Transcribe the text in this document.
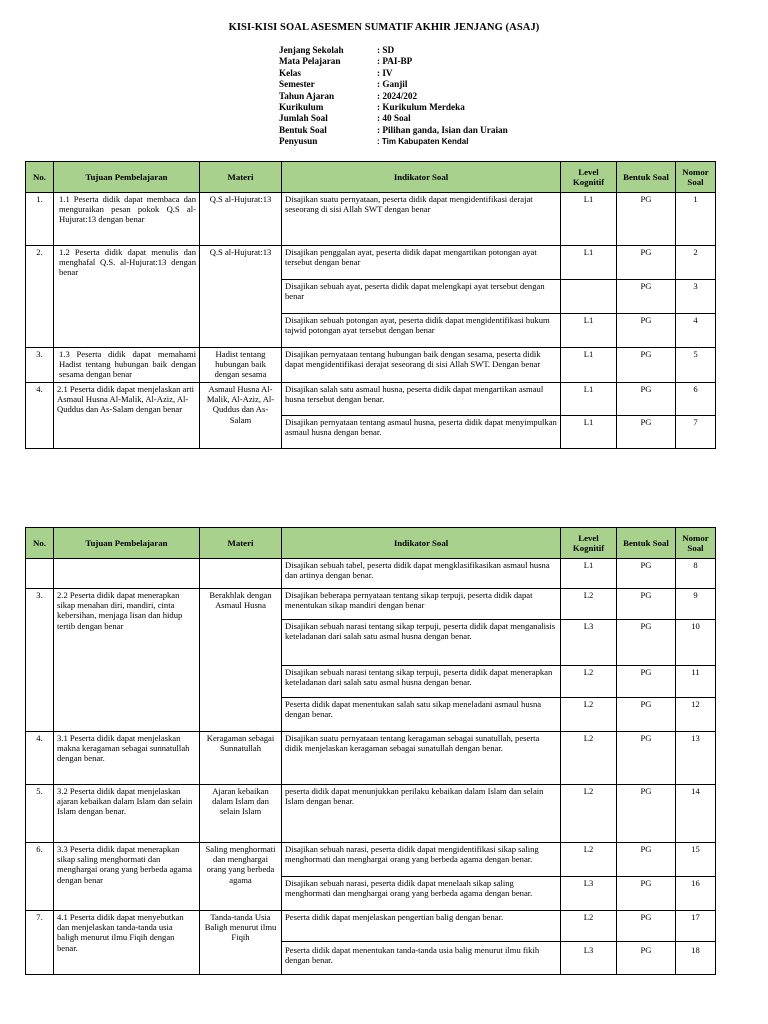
KISI-KISI SOAL ASESMEN SUMATIF AKHIR JENJANG (ASAJ)
Jenjang Sekolah	: SD
Mata Pelajaran	: PAI-BP
Kelas	: IV
Semester	: Ganjil
Tahun Ajaran	: 2024/202
Kurikulum	: Kurikulum Merdeka
Jumlah Soal	: 40 Soal
Bentuk Soal	: Pilihan ganda, Isian dan Uraian
Penyusun	: Tim Kabupaten Kendal
No.	Tujuan Pembelajaran	Materi	Indikator Soal	Level Kognitif	Bentuk Soal	Nomor Soal
1.	1.1 Peserta didik dapat membaca dan menguraikan pesan pokok Q.S al-Hujurat:13 dengan benar	Q.S al-Hujurat:13	Disajikan suatu pernyataan, peserta didik dapat mengidentifikasi derajat seseorang di sisi Allah SWT dengan benar	L1	PG	1
2.	1.2 Peserta didik dapat menulis dan menghafal Q.S. al-Hujurat:13 dengan benar	Q.S al-Hujurat:13	Disajikan penggalan ayat, peserta didik dapat mengartikan potongan ayat tersebut dengan benar	L1	PG	2
			Disajikan sebuah ayat, peserta didik dapat melengkapi ayat tersebut dengan benar		PG	3
			Disajikan sebuah potongan ayat, peserta didik dapat mengidentifikasi hukum tajwid potongan ayat tersebut dengan benar	L1	PG	4
3.	1.3 Peserta didik dapat memahami Hadist tentang hubungan baik dengan sesama dengan benar	Hadist tentang hubungan baik dengan sesama	Disajikan pernyataan tentang hubungan baik dengan sesama, peserta didik dapat mengidentifikasi derajat seseorang di sisi Allah SWT. Dengan benar	L1	PG	5
4.	2.1 Peserta didik dapat menjelaskan arti Asmaul Husna Al-Malik, Al-Aziz, Al-Quddus dan As-Salam dengan benar	Asmaul Husna Al-Malik, Al-Aziz, Al-Quddus dan As-Salam	Disajikan salah satu asmaul husna, peserta didik dapat mengartikan asmaul husna tersebut dengan benar.	L1	PG	6
			Disajikan pernyataan tentang asmaul husna, peserta didik dapat menyimpulkan asmaul husna dengan benar.	L1	PG	7
No.	Tujuan Pembelajaran	Materi	Indikator Soal	Level Kognitif	Bentuk Soal	Nomor Soal
			Disajikan sebuah tabel, peserta didik dapat mengklasifikasikan asmaul husna dan artinya dengan benar.	L1	PG	8
3.	2.2 Peserta didik dapat menerapkan sikap menahan diri, mandiri, cinta kebersihan, menjaga lisan dan hidup tertib dengan benar	Berakhlak dengan Asmaul Husna	Disajikan beberapa pernyataan tentang sikap terpuji, peserta didik dapat menentukan sikap mandiri dengan benar	L2	PG	9
			Disajikan sebuah narasi tentang sikap terpuji, peserta didik dapat menganalisis keteladanan dari salah satu asmal husna dengan benar.	L3	PG	10
			Disajikan sebuah narasi tentang sikap terpuji, peserta didik dapat menerapkan keteladanan dari salah satu asmal husna dengan benar.	L2	PG	11
			Peserta didik dapat menentukan salah satu sikap meneladani asmaul husna dengan benar.	L2	PG	12
4.	3.1 Peserta didik dapat menjelaskan makna keragaman sebagai sunnatullah dengan benar.	Keragaman sebagai Sunnatullah	Disajikan suatu pernyataan tentang keragaman sebagai sunatullah, peserta didik menjelaskan keragaman sebagai sunatullah dengan benar.	L2	PG	13
5.	3.2 Peserta didik dapat menjelaskan ajaran kebaikan dalam Islam dan selain Islam dengan benar.	Ajaran kebaikan dalam Islam dan selain Islam	peserta didik dapat menunjukkan perilaku kebaikan dalam Islam dan selain Islam dengan benar.	L2	PG	14
6.	3.3 Peserta didik dapat menerapkan sikap saling menghormati dan menghargai orang yang berbeda agama dengan benar	Saling menghormati dan menghargai orang yang berbeda agama	Disajikan sebuah narasi, peserta didik dapat mengidentifikasi sikap saling menghormati dan menghargai orang yang berbeda agama dengan benar.	L2	PG	15
			Disajikan sebuah narasi, peserta didik dapat menelaah sikap saling menghormati dan menghargai orang yang berbeda agama dengan benar.	L3	PG	16
7.	4.1 Peserta didik dapat menyebutkan dan menjelaskan tanda-tanda usia baligh menurut ilmu Fiqih dengan benar.	Tanda-tanda Usia Baligh menurut ilmu Fiqih	Peserta didik dapat menjelaskan pengertian balig dengan benar.	L2	PG	17
			Peserta didik dapat menentukan tanda-tanda usia balig menurut ilmu fikih dengan benar.	L3	PG	18
